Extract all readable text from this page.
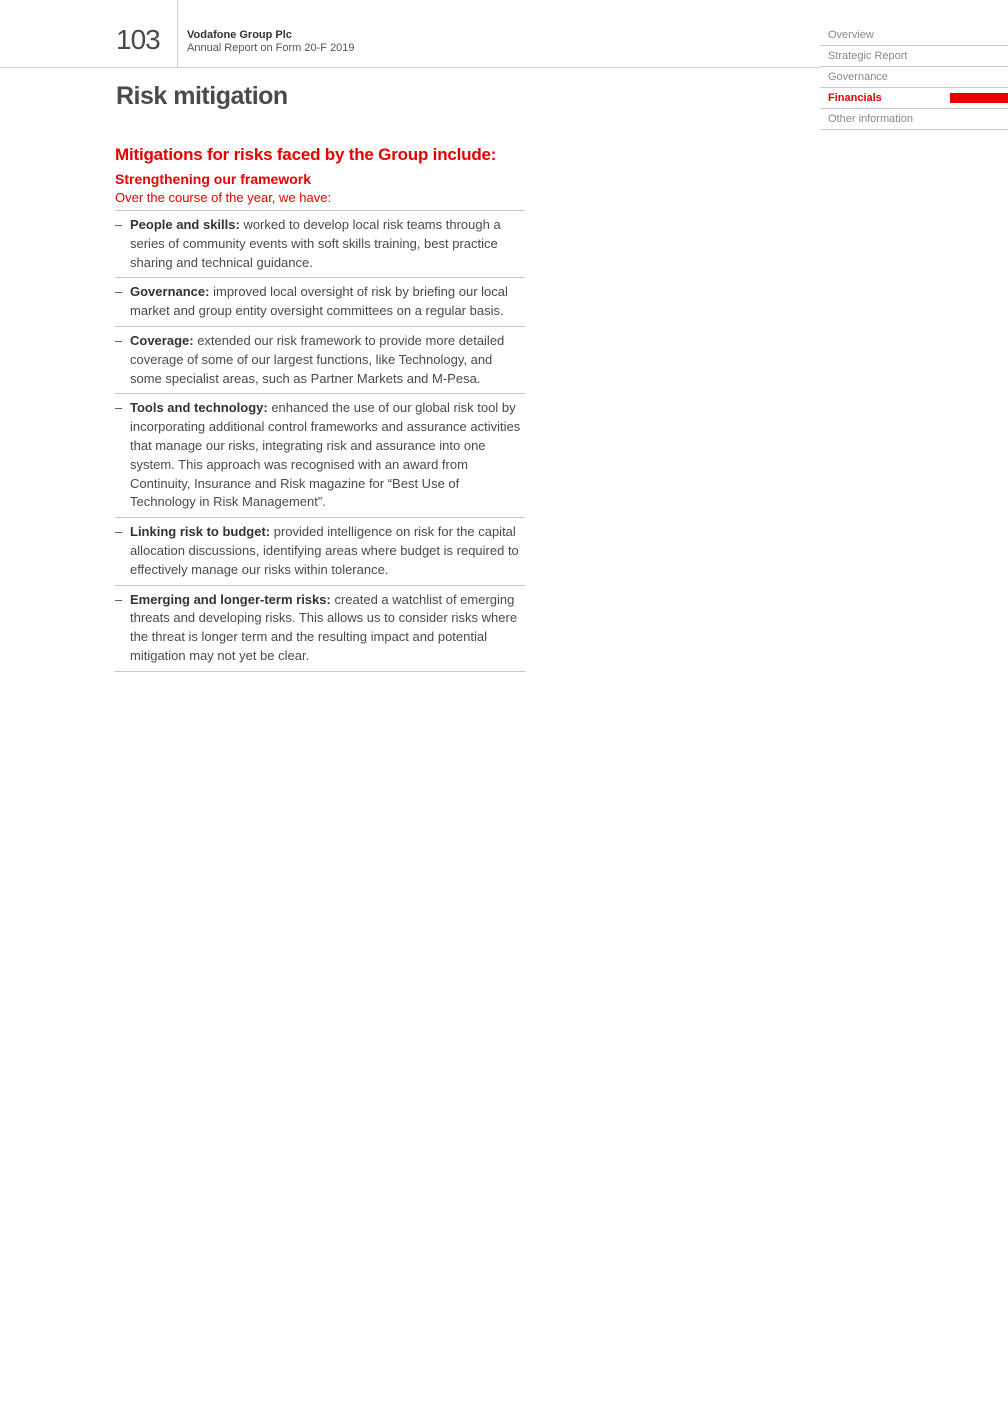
103 Vodafone Group Plc
Annual Report on Form 20-F 2019
Overview
Strategic Report
Governance
Financials
Other information
Risk mitigation
Mitigations for risks faced by the Group include:
Strengthening our framework

Over the course of the year, we have:

– People and skills: worked to develop local risk teams through a series of community events with soft skills training, best practice sharing and technical guidance.
– Governance: improved local oversight of risk by briefing our local market and group entity oversight committees on a regular basis.
– Coverage: extended our risk framework to provide more detailed coverage of some of our largest functions, like Technology, and some specialist areas, such as Partner Markets and M-Pesa.
– Tools and technology: enhanced the use of our global risk tool by incorporating additional control frameworks and assurance activities that manage our risks, integrating risk and assurance into one system. This approach was recognised with an award from Continuity, Insurance and Risk magazine for “Best Use of Technology in Risk Management”.
– Linking risk to budget: provided intelligence on risk for the capital allocation discussions, identifying areas where budget is required to effectively manage our risks within tolerance.
– Emerging and longer-term risks: created a watchlist of emerging threats and developing risks. This allows us to consider risks where the threat is longer term and the resulting impact and potential mitigation may not yet be clear.
